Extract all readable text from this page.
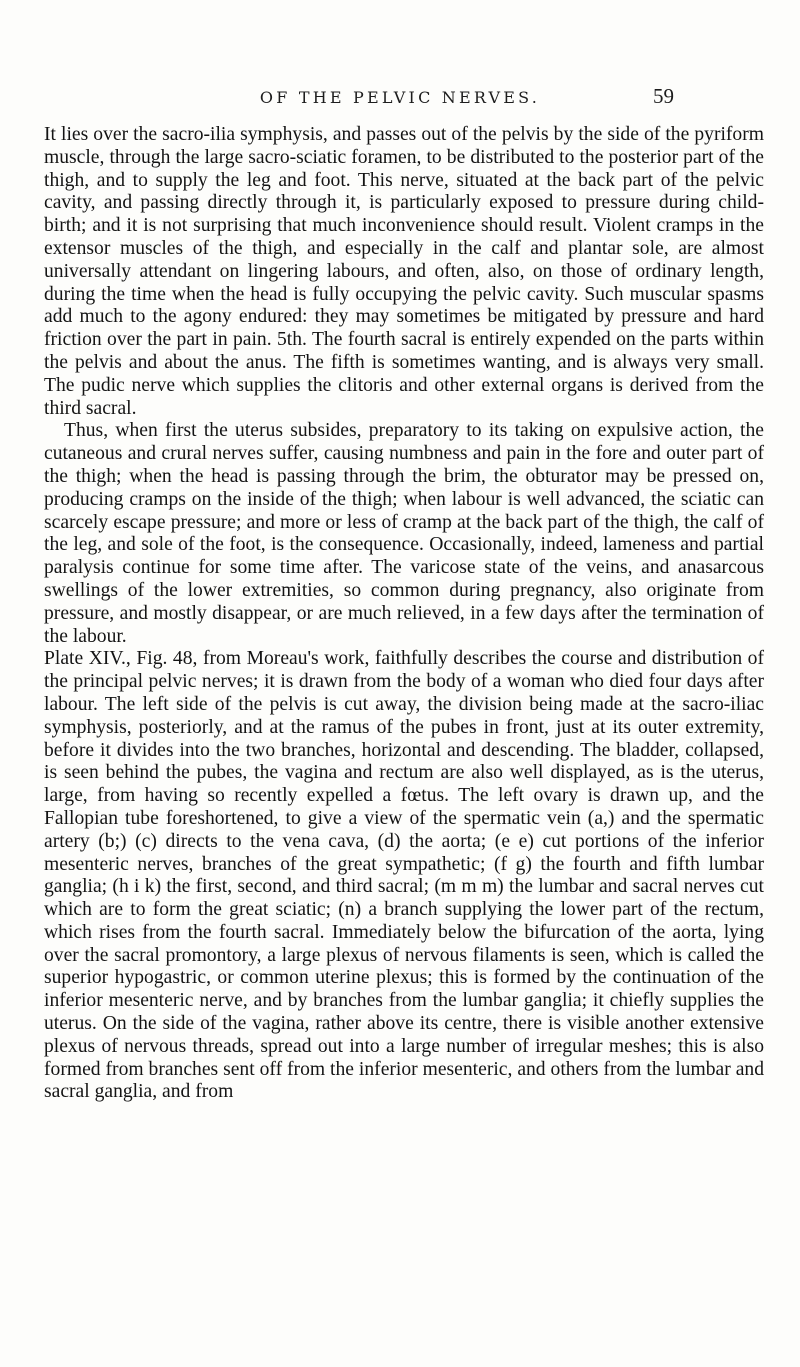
OF THE PELVIC NERVES.	59

It lies over the sacro-ilia symphysis, and passes out of the pelvis by the side of the pyriform muscle, through the large sacro-sciatic foramen, to be distributed to the posterior part of the thigh, and to supply the leg and foot. This nerve, situated at the back part of the pelvic cavity, and passing directly through it, is particularly exposed to pressure during child-birth; and it is not surprising that much inconvenience should result. Violent cramps in the extensor muscles of the thigh, and especially in the calf and plantar sole, are almost universally attendant on lingering labours, and often, also, on those of ordinary length, during the time when the head is fully occupying the pelvic cavity. Such muscular spasms add much to the agony endured: they may sometimes be mitigated by pressure and hard friction over the part in pain. 5th. The fourth sacral is entirely expended on the parts within the pelvis and about the anus. The fifth is sometimes wanting, and is always very small. The pudic nerve which supplies the clitoris and other external organs is derived from the third sacral.

Thus, when first the uterus subsides, preparatory to its taking on expulsive action, the cutaneous and crural nerves suffer, causing numbness and pain in the fore and outer part of the thigh; when the head is passing through the brim, the obturator may be pressed on, producing cramps on the inside of the thigh; when labour is well advanced, the sciatic can scarcely escape pressure; and more or less of cramp at the back part of the thigh, the calf of the leg, and sole of the foot, is the consequence. Occasionally, indeed, lameness and partial paralysis continue for some time after. The varicose state of the veins, and anasarcous swellings of the lower extremities, so common during pregnancy, also originate from pressure, and mostly disappear, or are much relieved, in a few days after the termination of the labour.

Plate XIV., Fig. 48, from Moreau's work, faithfully describes the course and distribution of the principal pelvic nerves; it is drawn from the body of a woman who died four days after labour. The left side of the pelvis is cut away, the division being made at the sacro-iliac symphysis, posteriorly, and at the ramus of the pubes in front, just at its outer extremity, before it divides into the two branches, horizontal and descending. The bladder, collapsed, is seen behind the pubes, the vagina and rectum are also well displayed, as is the uterus, large, from having so recently expelled a fœtus. The left ovary is drawn up, and the Fallopian tube foreshortened, to give a view of the spermatic vein (a,) and the spermatic artery (b;) (c) directs to the vena cava, (d) the aorta; (e e) cut portions of the inferior mesenteric nerves, branches of the great sympathetic; (f g) the fourth and fifth lumbar ganglia; (h i k) the first, second, and third sacral; (m m m) the lumbar and sacral nerves cut which are to form the great sciatic; (n) a branch supplying the lower part of the rectum, which rises from the fourth sacral. Immediately below the bifurcation of the aorta, lying over the sacral promontory, a large plexus of nervous filaments is seen, which is called the superior hypogastric, or common uterine plexus; this is formed by the continuation of the inferior mesenteric nerve, and by branches from the lumbar ganglia; it chiefly supplies the uterus. On the side of the vagina, rather above its centre, there is visible another extensive plexus of nervous threads, spread out into a large number of irregular meshes; this is also formed from branches sent off from the inferior mesenteric, and others from the lumbar and sacral ganglia, and from
